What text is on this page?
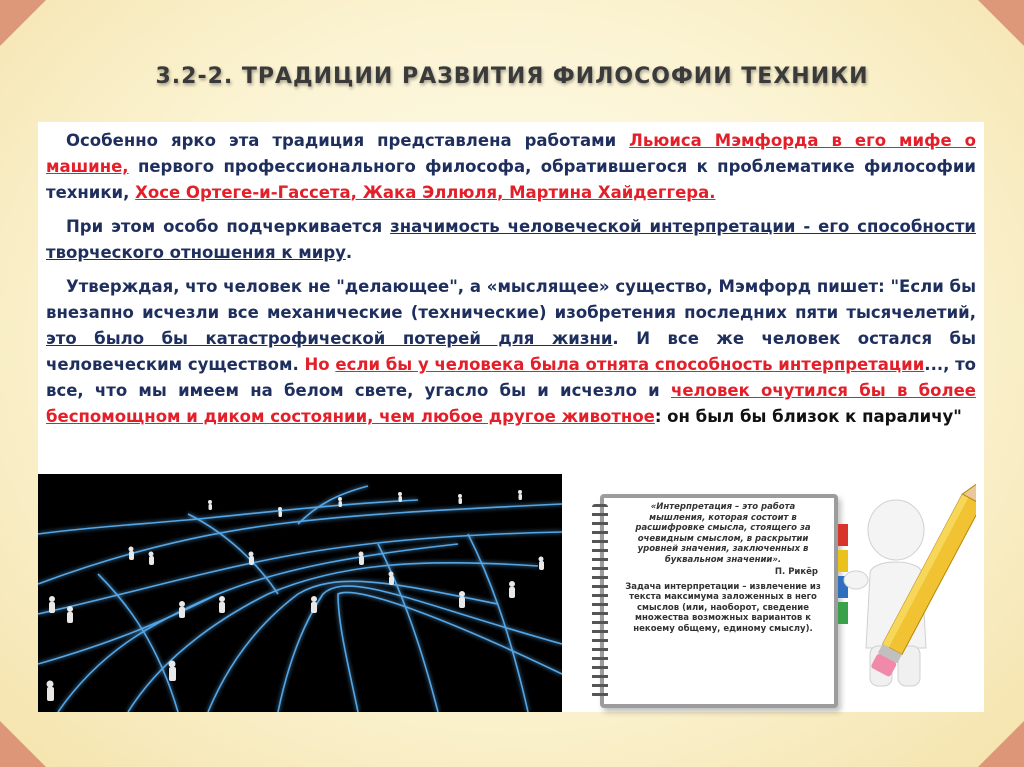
3.2-2. ТРАДИЦИИ РАЗВИТИЯ ФИЛОСОФИИ ТЕХНИКИ

Особенно ярко эта традиция представлена работами Льюиса Мэмфорда в его мифе о машине, первого профессионального философа, обратившегося к проблематике философии техники, Хосе Ортеге-и-Гассета, Жака Эллюля, Мартина Хайдеггера.

При этом особо подчеркивается значимость человеческой интерпретации - его способности творческого отношения к миру.

Утверждая, что человек не "делающее", а «мыслящее» существо, Мэмфорд пишет: "Если бы внезапно исчезли все механические (технические) изобретения последних пяти тысячелетий, это было бы катастрофической потерей для жизни. И все же человек остался бы человеческим существом. Но если бы у человека была отнята способность интерпретации..., то все, что мы имеем на белом свете, угасло бы и исчезло и человек очутился бы в более беспомощном и диком состоянии, чем любое другое животное: он был бы близок к параличу"

«Интерпретация – это работа мышления, которая состоит в расшифровке смысла, стоящего за очевидным смыслом, в раскрытии уровней значения, заключенных в буквальном значении».
П. Рикёр
Задача интерпретации – извлечение из текста максимума заложенных в него смыслов (или, наоборот, сведение множества возможных вариантов к некоему общему, единому смыслу).
